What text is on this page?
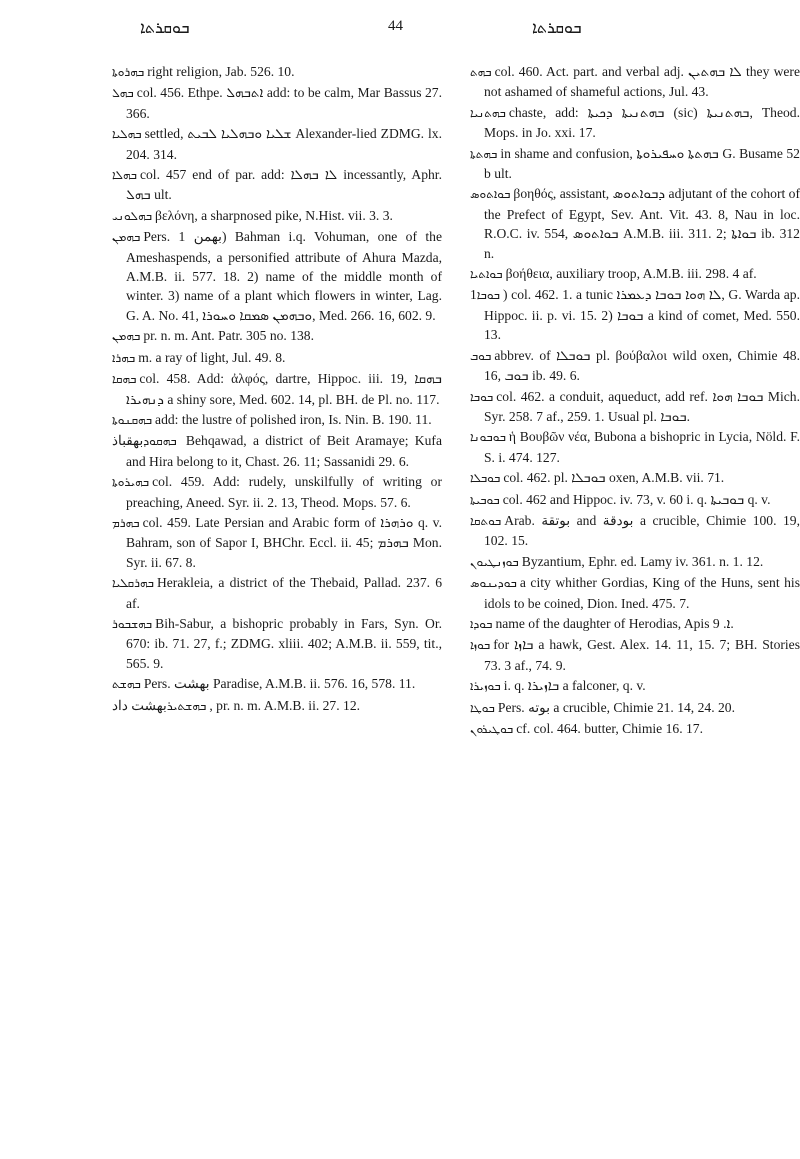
ܒܘܩܪܬܐ	44	ܒܘܩܪܬܐ

ܒܗܪܘܬܐ right religion, Jab. 526. 10.

ܒܗܠ col. 456. Ethpe. ܐܬܒܗܠ add: to be calm, Mar Bassus 27. 366.

ܒܗܠܝܐ settled, ܫܠܝܐ ܘܒܗܠܝܐ ܠܒܝܬ Alexander-lied ZDMG. lx. 204. 314.

ܒܗܠܐ col. 457 end of par. add: ܠܐ ܒܗܠܐ incessantly, Aphr. ܒܗܠ ult.

ܒܗܠܘܢܝ βελόνη, a sharpnosed pike, N.Hist. vii. 3. 3.

ܒܗܡܢ Pers. بهمن 1) Bahman i.q. Vohuman, one of the Ameshaspends, a personified attribute of Ahura Mazda, A.M.B. ii. 577. 18. 2) name of the middle month of winter. 3) name of a plant which flowers in winter, Lag. G. A. No. 41, ܘܒܗܡܢ ܣܡܩܐ ܘܚܘܪܐ, Med. 266. 16, 602. 9.

ܒܗܡܢ pr. n. m. Ant. Patr. 305 no. 138.

ܒܗܪܐ m. a ray of light, Jul. 49. 8.

ܒܗܩܐ col. 458. Add: ἀλφός, dartre, Hippoc. iii. 19, ܒܗܩܐ ܕܢܗܝܪܐ a shiny sore, Med. 602. 14, pl. BH. de Pl. no. 117.

ܒܗܩܢܘܬܐ add: the lustre of polished iron, Is. Nin. B. 190. 11.

ܒܗܩܘܕبهقباذ Behqawad, a district of Beit Aramaye; Kufa and Hira belong to it, Chast. 26. 11; Sassanidi 29. 6.

ܒܗܝܪܘܬܐ col. 459. Add: rudely, unskilfully of writing or preaching, Aneed. Syr. ii. 2. 13, Theod. Mops. 57. 6.

ܒܗܪܡ col. 459. Late Persian and Arabic form of ܘܪܗܪܐ q. v. Bahram, son of Sapor I, BHChr. Eccl. ii. 45; ܒܗܪܡ Mon. Syr. ii. 67. 8.

ܒܗܪܩܠܝܐ Herakleia, a district of the Thebaid, Pallad. 237. 6 af.

ܒܗܫܒܘܪ Bih-Sabur, a bishopric probably in Fars, Syn. Or. 670: ib. 71. 27, f.; ZDMG. xliii. 402; A.M.B. ii. 559, tit., 565. 9.

ܒܗܫܬ Pers. بهشت Paradise, A.M.B. ii. 576. 16, 578. 11.

ܒܗܫܬܝܪبهشت داد, pr. n. m. A.M.B. ii. 27. 12.

ܒܗܬ col. 460. Act. part. and verbal adj. ܠܐ ܒܗܬܝܢ they were not ashamed of shameful actions, Jul. 43.

ܒܗܬܢܝܐ chaste, add: ܒܗܬܢܝܬܐ ܕܟܝܬܐ (sic) ܒܗܬܢܝܬܐ, Theod. Mops. in Jo. xxi. 17.

ܒܗܬܬܐ in shame and confusion, ܒܗܬܬܐ ܘܚܦܝܪܘܬܐ G. Busame 52 b ult.

ܒܘܐܬܘܣ βοηθός, assistant, ܕܒܘܐܬܘܣ adjutant of the cohort of the Prefect of Egypt, Sev. Ant. Vit. 43. 8, Nau in loc. R.O.C. iv. 554, ܒܘܐܬܘܣ A.M.B. iii. 311. 2; ܒܘܐܬܐ ib. 312 n.

ܒܘܐܬܝܐ βοήθεια, auxiliary troop, A.M.B. iii. 298. 4 af.

ܒܘܒܐ1) col. 462. 1. a tunic ܠܐ ܗܘܐ ܒܘܒܐ ܕܥܡܪܐ, G. Warda ap. Hippoc. ii. p. vi. 15. 2) ܒܘܒܐ a kind of comet, Med. 550. 13.

ܒܘܒ abbrev. of ܒܘܒܠܐ pl. βούβαλοι wild oxen, Chimie 48. 16, ܒܘܒ ib. 49. 6.

ܒܘܒܐ col. 462. a conduit, aqueduct, add ref. ܒܘܒܐ ܗܘܐ Mich. Syr. 258. 7 af., 259. 1. Usual pl. ܒܘܒܐ.

ܒܘܒܘܢܐ ἡ Βουβῶν νέα, Bubona a bishopric in Lycia, Nöld. F. S. i. 474. 127.

ܒܘܒܠܐ col. 462. pl. ܒܘܒܠܐ oxen, A.M.B. vii. 71.

ܒܘܒܝܬܐ col. 462 and Hippoc. iv. 73, v. 60 i. q. ܒܘܒܝܬܐ q. v.

ܒܘܬܩܐ Arab. بوتقة and بودقة a crucible, Chimie 100. 19, 102. 15.

ܒܘܙܢܛܝܘܢ Byzantium, Ephr. ed. Lamy iv. 361. n. 1. 12.

ܒܘܕܝܢܘܣ a city whither Gordias, King of the Huns, sent his idols to be coined, Dion. Ined. 475. 7.

ܒܘܕܐ name of the daughter of Herodias, Apis ܐ. 9.

ܒܘܙܐ for ܒܐܙܐ a hawk, Gest. Alex. 14. 11, 15. 7; BH. Stories 73. 3 af., 74. 9.

ܒܘܙܝܪܐ i. q. ܒܐܙܝܪܐ a falconer, q. v.

ܒܘܛܐ Pers. بوته a crucible, Chimie 21. 14, 24. 20.

ܒܘܛܝܪܘܢ cf. col. 464. butter, Chimie 16. 17.
